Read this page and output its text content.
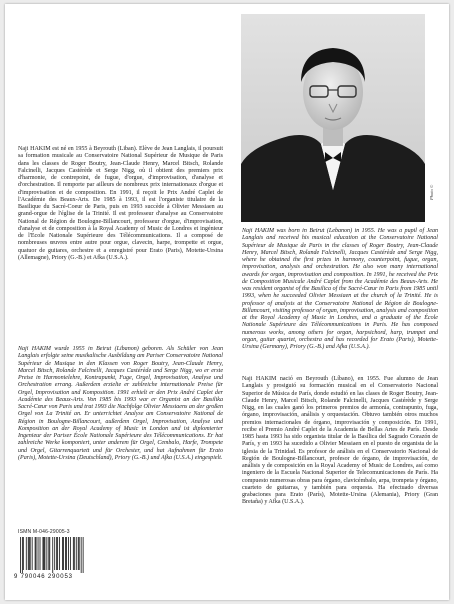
Photo ©

Naji HAKIM est né en 1955 à Beyrouth (Liban). Elève de Jean Langlais, il poursuit sa formation musicale au Conservatoire National Supérieur de Musique de Paris dans les classes de Roger Boutry, Jean-Claude Henry, Marcel Bitsch, Rolande Falcinelli, Jacques Castérède et Serge Nigg, où il obtient des premiers prix d'harmonie, de contrepoint, de fugue, d'orgue, d'improvisation, d'analyse et d'orchestration. Il remporte par ailleurs de nombreux prix internationaux d'orgue et d'improvisation et de composition. En 1991, il reçoit le Prix André Caplet de l'Académie des Beaux-Arts. De 1985 à 1993, il est l'organiste titulaire de la Basilique du Sacré-Coeur de Paris, puis en 1993 succède à Olivier Messiaen au grand-orgue de l'église de la Trinité. Il est professeur d'analyse au Conservatoire National de Région de Boulogne-Billancourt, professeur d'orgue, d'improvisation, d'analyse et de composition à la Royal Academy of Music de Londres et ingénieur de l'Ecole Nationale Supérieure des Télécommunications. Il a composé de nombreuses œuvres entre autre pour orgue, clavecin, harpe, trompette et orgue, quatuor de guitares, orchestre et a enregistré pour Erato (Paris), Motette-Ursina (Allemagne), Priory (G.-B.) et Afka (U.S.A.).

Naji HAKIM wurde 1955 in Beirut (Libanon) geboren. Als Schüler von Jean Langlais erfolgte seine musikalische Ausbildung am Pariser Conservatoire National Supérieur de Musique in den Klassen von Roger Boutry, Jean-Claude Henry, Marcel Bitsch, Rolande Falcinelli, Jacques Castérède und Serge Nigg, wo er erste Preise in Harmonielehre, Kontrapunkt, Fuge, Orgel, Improvisation, Analyse und Orchestration errang. Außerdem erzielte er zahlreiche internationale Preise für Orgel, Improvisation und Komposition. 1991 erhielt er den Prix André Caplet der Académie des Beaux-Arts. Von 1985 bis 1993 war er Organist an der Basilika Sacré-Cœur von Paris und trat 1993 die Nachfolge Olivier Messiaens an der großen Orgel von La Trinité an. Er unterrichtet Analyse am Conservatoire National de Région in Boulogne-Billancourt, außerdem Orgel, Improvisation, Analyse und Komposition an der Royal Academy of Music in London und ist diplomierter Ingenieur der Pariser École Nationale Supérieure des Télécommunications. Er hat zahlreiche Werke komponiert, unter anderem für Orgel, Cembalo, Harfe, Trompete und Orgel, Gitarrenquartett und für Orchester, und hat Aufnahmen für Erato (Paris), Motette-Ursina (Deutschland), Priory (G.-B.) und Afka (U.S.A.) eingespielt.

Naji HAKIM was born in Beirut (Lebanon) in 1955. He was a pupil of Jean Langlais and received his musical education at the Conservatoire National Supérieur de Musique de Paris in the classes of Roger Boutry, Jean-Claude Henry, Marcel Bitsch, Rolande Falcinelli, Jacques Castérède and Serge Nigg, where he obtained the first prizes in harmony, counterpoint, fugue, organ, improvisation, analysis and orchestration. He also won many international awards for organ, improvisation and composition. In 1991, he received the Prix de Composition Musicale André Caplet from the Académie des Beaux-Arts. He was resident organist of the Basilica of the Sacré-Cœur in Paris from 1985 until 1993, when he succeeded Olivier Messiaen at the church of la Trinité. He is professor of analysis at the Conservatoire National de Région de Boulogne-Billancourt, visiting professor of organ, improvisation, analysis and composition at the Royal Academy of Music in Londres, and a graduate of the École Nationale Supérieure des Télécommunications in Paris. He has composed numerous works, among others for organ, harpsichord, harp, trumpet and organ, guitar quartet, orchestra and has recorded for Erato (Paris), Motette-Ursina (Germany), Priory (G.-B.) and Afka (U.S.A.).

Naji HAKIM nació en Beyrouth (Líbano), en 1955. Fue alumno de Jean Langlais y prosiguió su formación musical en el Conservatorio Nacional Superior de Música de París, donde estudió en las clases de Roger Boutry, Jean-Claude Henry, Marcel Bitsch, Rolande Falcinelli, Jacques Castérède y Serge Nigg, en las cuales ganó los primeros premios de armonía, contrapunto, fuga, órgano, improvisación, análisis y orquestación. Obtuvo también otros muchos premios internacionales de órgano, improvisación y composición. En 1991, recibe el Premio André Caplet de la Academia de Bellas Artes de París. Desde 1985 hasta 1993 ha sido organista titular de la Basílica del Sagrado Corazón de París, y en 1993 ha sucedido a Olivier Messiaen en el puesto de organista de la iglesia de la Trinidad. Es profesor de análisis en el Conservatorio Nacional de Región de Boulogne-Billancourt, profesor de órgano, de improvisación, de análisis y de composición en la Royal Academy of Music de Londres, así como ingeniero de la Escuela Nacional Superior de Telecomunicaciones de París. Ha compuesto numerosas obras para órgano, clavicémbalo, arpa, trompeta y órgano, cuarteto de guitarras, y también para orquesta. Ha efectuado diversas grabaciones para Erato (París), Motette-Ursina (Alemania), Priory (Gran Bretaña) y Afka (U.S.A.).

ISMN M-046-29005-3
9 790046 290053
